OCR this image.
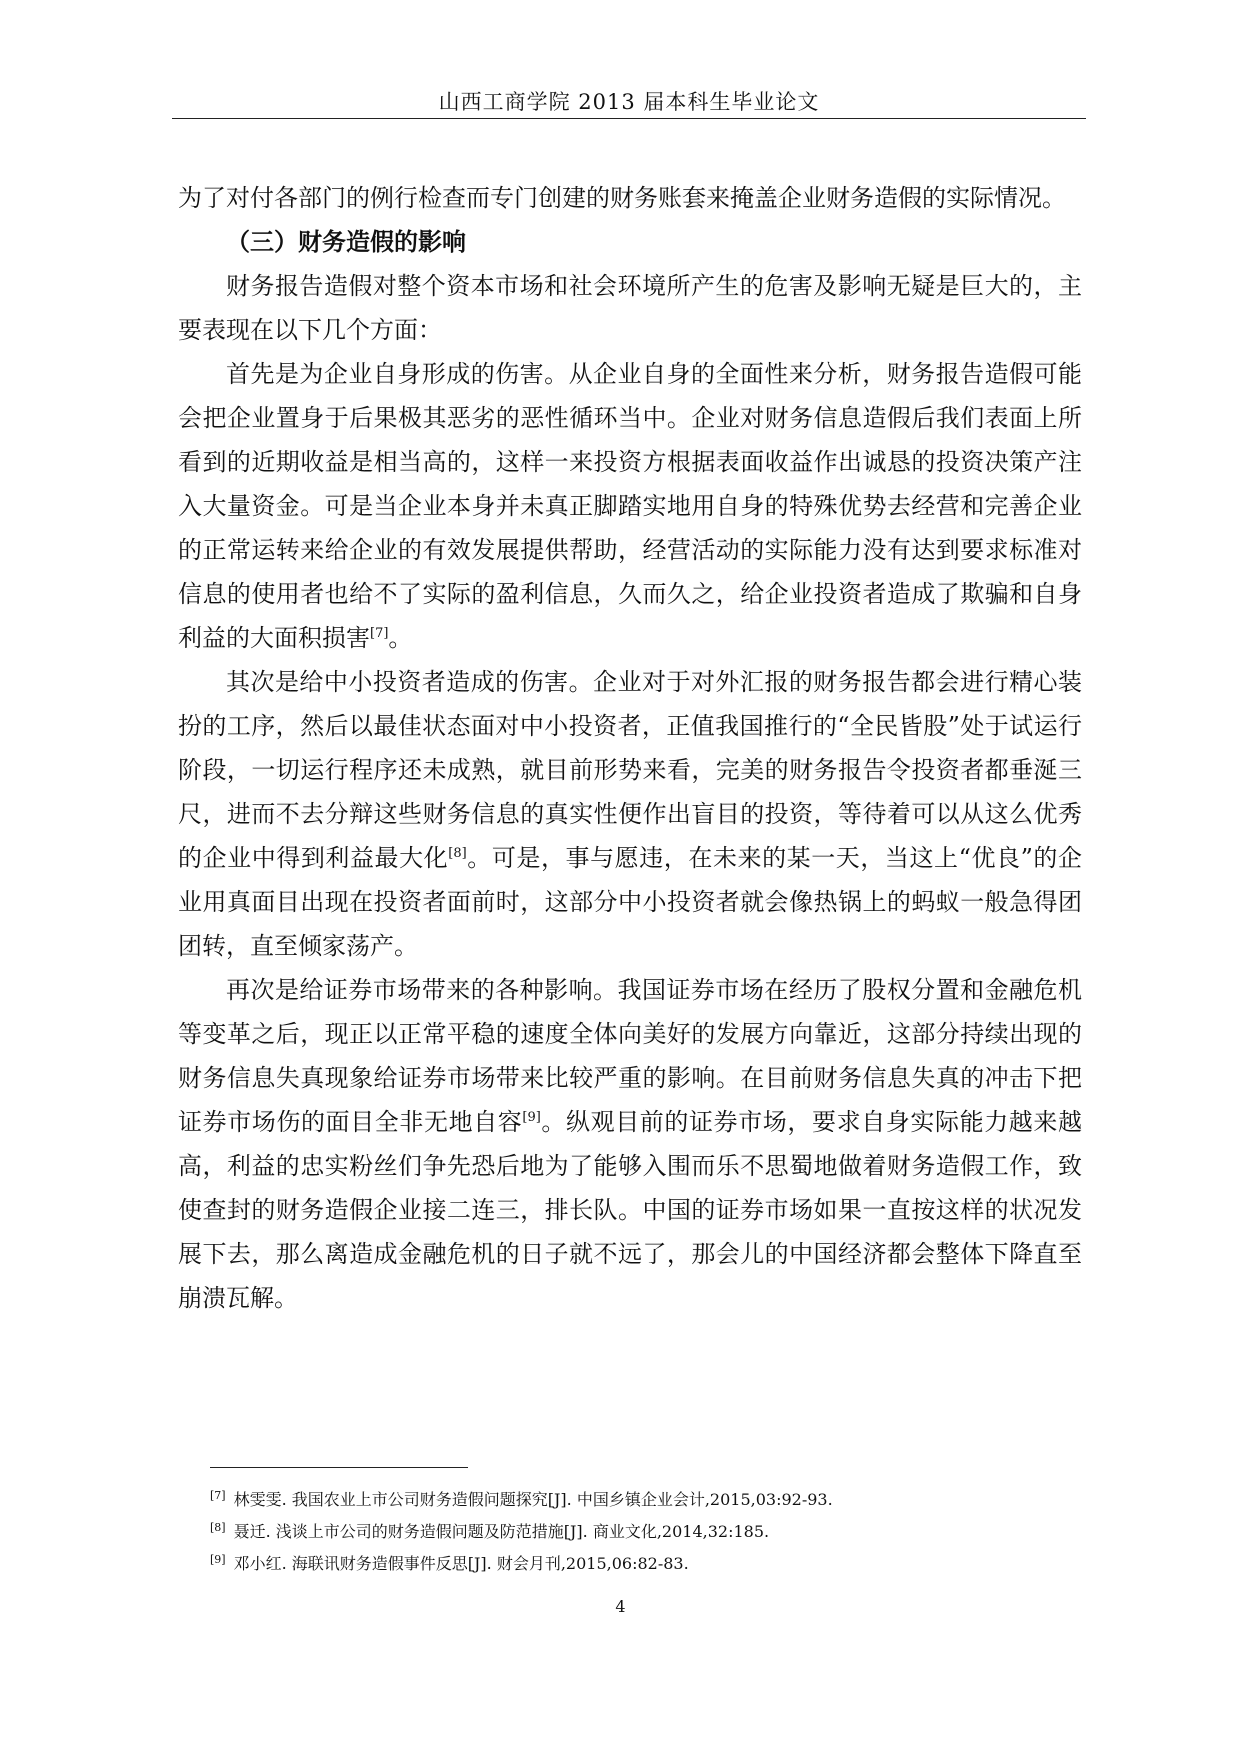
山西工商学院 2013 届本科生毕业论文

为了对付各部门的例行检查而专门创建的财务账套来掩盖企业财务造假的实际情况。

（三）财务造假的影响

财务报告造假对整个资本市场和社会环境所产生的危害及影响无疑是巨大的，主要表现在以下几个方面：

首先是为企业自身形成的伤害。从企业自身的全面性来分析，财务报告造假可能会把企业置身于后果极其恶劣的恶性循环当中。企业对财务信息造假后我们表面上所看到的近期收益是相当高的，这样一来投资方根据表面收益作出诚恳的投资决策产注入大量资金。可是当企业本身并未真正脚踏实地用自身的特殊优势去经营和完善企业的正常运转来给企业的有效发展提供帮助，经营活动的实际能力没有达到要求标准对信息的使用者也给不了实际的盈利信息，久而久之，给企业投资者造成了欺骗和自身利益的大面积损害[7]。

其次是给中小投资者造成的伤害。企业对于对外汇报的财务报告都会进行精心装扮的工序，然后以最佳状态面对中小投资者，正值我国推行的“全民皆股”处于试运行阶段，一切运行程序还未成熟，就目前形势来看，完美的财务报告令投资者都垂涎三尺，进而不去分辩这些财务信息的真实性便作出盲目的投资，等待着可以从这么优秀的企业中得到利益最大化[8]。可是，事与愿违，在未来的某一天，当这上“优良”的企业用真面目出现在投资者面前时，这部分中小投资者就会像热锅上的蚂蚁一般急得团团转，直至倾家荡产。

再次是给证券市场带来的各种影响。我国证券市场在经历了股权分置和金融危机等变革之后，现正以正常平稳的速度全体向美好的发展方向靠近，这部分持续出现的财务信息失真现象给证券市场带来比较严重的影响。在目前财务信息失真的冲击下把证券市场伤的面目全非无地自容[9]。纵观目前的证券市场，要求自身实际能力越来越高，利益的忠实粉丝们争先恐后地为了能够入围而乐不思蜀地做着财务造假工作，致使查封的财务造假企业接二连三，排长队。中国的证券市场如果一直按这样的状况发展下去，那么离造成金融危机的日子就不远了，那会儿的中国经济都会整体下降直至崩溃瓦解。

[7] 林雯雯. 我国农业上市公司财务造假问题探究[J]. 中国乡镇企业会计,2015,03:92-93.

[8] 聂迁. 浅谈上市公司的财务造假问题及防范措施[J]. 商业文化,2014,32:185.

[9] 邓小红. 海联讯财务造假事件反思[J]. 财会月刊,2015,06:82-83.

4
